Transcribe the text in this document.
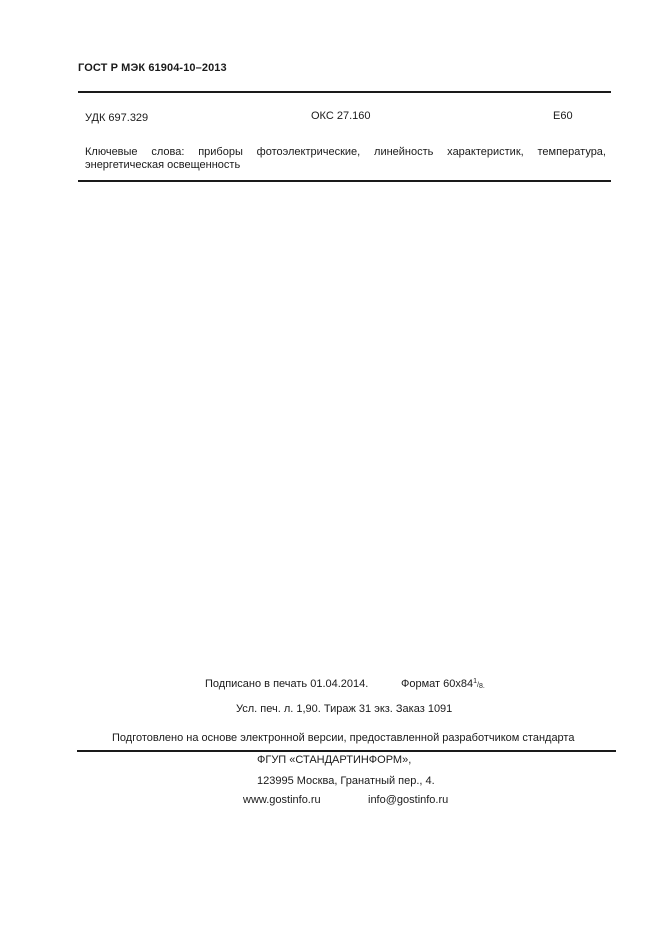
ГОСТ Р МЭК 61904-10–2013
УДК 697.329	ОКС 27.160	Е60
Ключевые слова: приборы фотоэлектрические, линейность характеристик, температура, энергетическая освещенность
Подписано в печать 01.04.2014.	Формат $60x84^1/8$.
Усл. печ. л. 1,90. Тираж 31 экз. Заказ 1091
Подготовлено на основе электронной версии, предоставленной разработчиком стандарта
ФГУП «СТАНДАРТИНФОРМ»,
123995 Москва, Гранатный пер., 4.
www.gostinfo.ru	info@gostinfo.ru
